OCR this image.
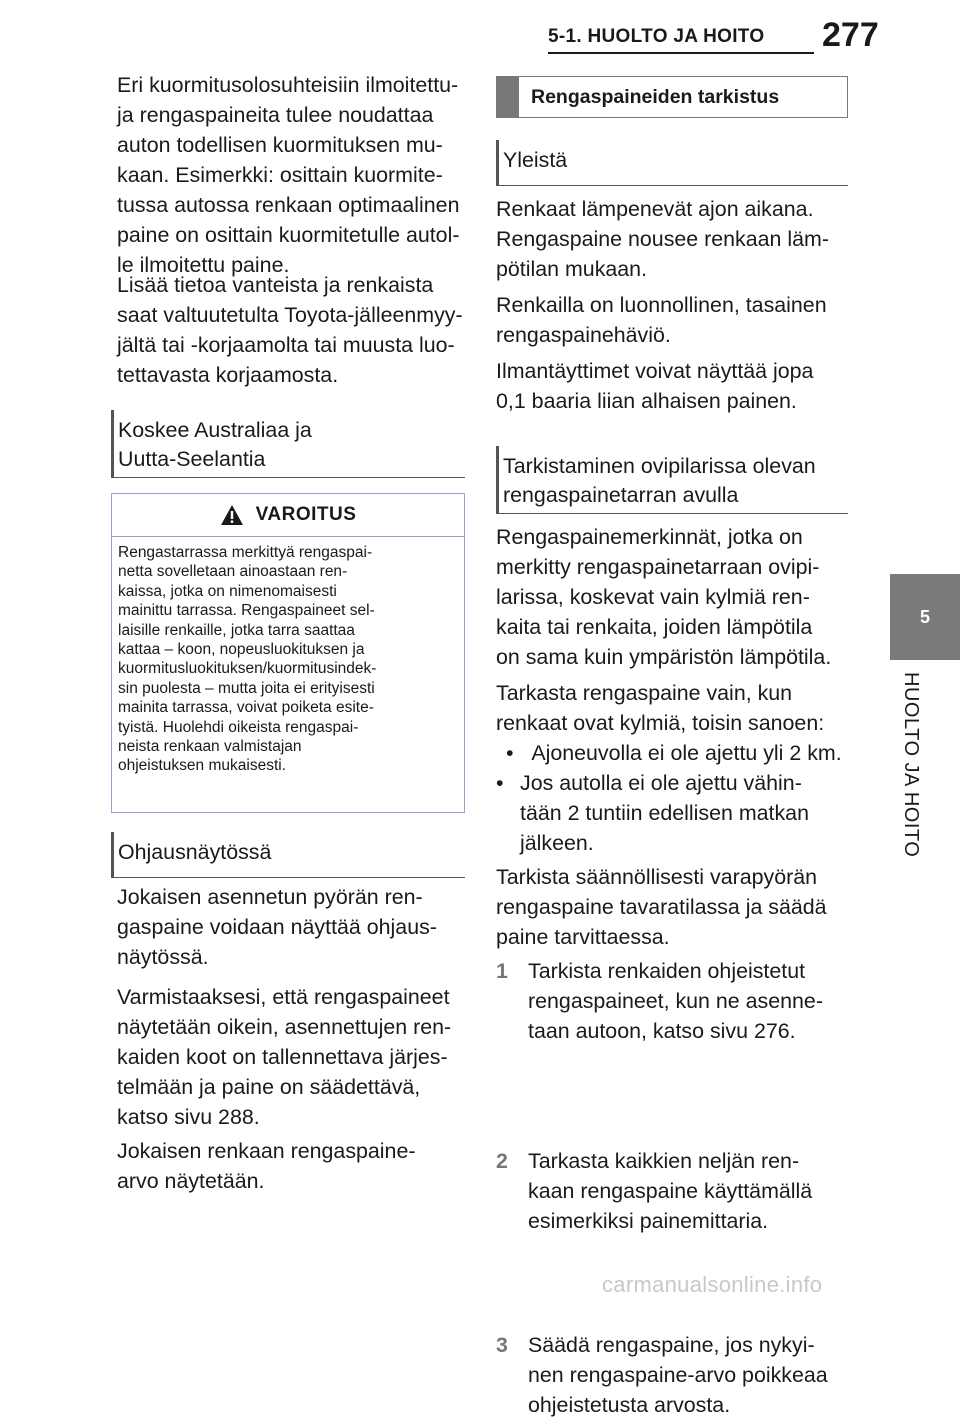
5-1. HUOLTO JA HOITO 277
5
HUOLTO JA HOITO
Eri kuormitusolosuhteisiin ilmoitettu-
ja rengaspaineita tulee noudattaa
auton todellisen kuormituksen mu-
kaan. Esimerkki: osittain kuormite-
tussa autossa renkaan optimaalinen
paine on osittain kuormitetulle autol-
le ilmoitettu paine.
Lisää tietoa vanteista ja renkaista
saat valtuutetulta Toyota-jälleenmyy-
jältä tai -korjaamolta tai muusta luo-
tettavasta korjaamosta.
Koskee Australiaa ja
Uutta-Seelantia
VAROITUS
Rengastarrassa merkittyä rengaspai-
netta sovelletaan ainoastaan ren-
kaissa, jotka on nimenomaisesti
mainittu tarrassa. Rengaspaineet sel-
laisille renkaille, jotka tarra saattaa
kattaa – koon, nopeusluokituksen ja
kuormitusluokituksen/kuormitusindek-
sin puolesta – mutta joita ei erityisesti
mainita tarrassa, voivat poiketa esite-
tyistä. Huolehdi oikeista rengaspai-
neista renkaan valmistajan
ohjeistuksen mukaisesti.
Ohjausnäytössä
Jokaisen asennetun pyörän ren-
gaspaine voidaan näyttää ohjaus-
näytössä.
Varmistaaksesi, että rengaspaineet
näytetään oikein, asennettujen ren-
kaiden koot on tallennettava järjes-
telmään ja paine on säädettävä,
katso sivu 288.
Jokaisen renkaan rengaspaine-
arvo näytetään.
Rengaspaineiden tarkistus
Yleistä
Renkaat lämpenevät ajon aikana.
Rengaspaine nousee renkaan läm-
pötilan mukaan.
Renkailla on luonnollinen, tasainen
rengaspainehäviö.
Ilmantäyttimet voivat näyttää jopa
0,1 baaria liian alhaisen painen.
Tarkistaminen ovipilarissa olevan
rengaspainetarran avulla
Rengaspainemerkinnät, jotka on
merkitty rengaspainetarraan ovipi-
larissa, koskevat vain kylmiä ren-
kaita tai renkaita, joiden lämpötila
on sama kuin ympäristön lämpötila.
Tarkasta rengaspaine vain, kun
renkaat ovat kylmiä, toisin sanoen:
•   Ajoneuvolla ei ole ajettu yli 2 km.
• Jos autolla ei ole ajettu vähin-
tään 2 tuntiin edellisen matkan
jälkeen.
Tarkista säännöllisesti varapyörän
rengaspaine tavaratilassa ja säädä
paine tarvittaessa.
1 Tarkista renkaiden ohjeistetut
rengaspaineet, kun ne asenne-
taan autoon, katso sivu 276.
2 Tarkasta kaikkien neljän ren-
kaan rengaspaine käyttämällä
esimerkiksi painemittaria.
3 Säädä rengaspaine, jos nykyi-
nen rengaspaine-arvo poikkeaa
ohjeistetusta arvosta.
carmanualsonline.info
